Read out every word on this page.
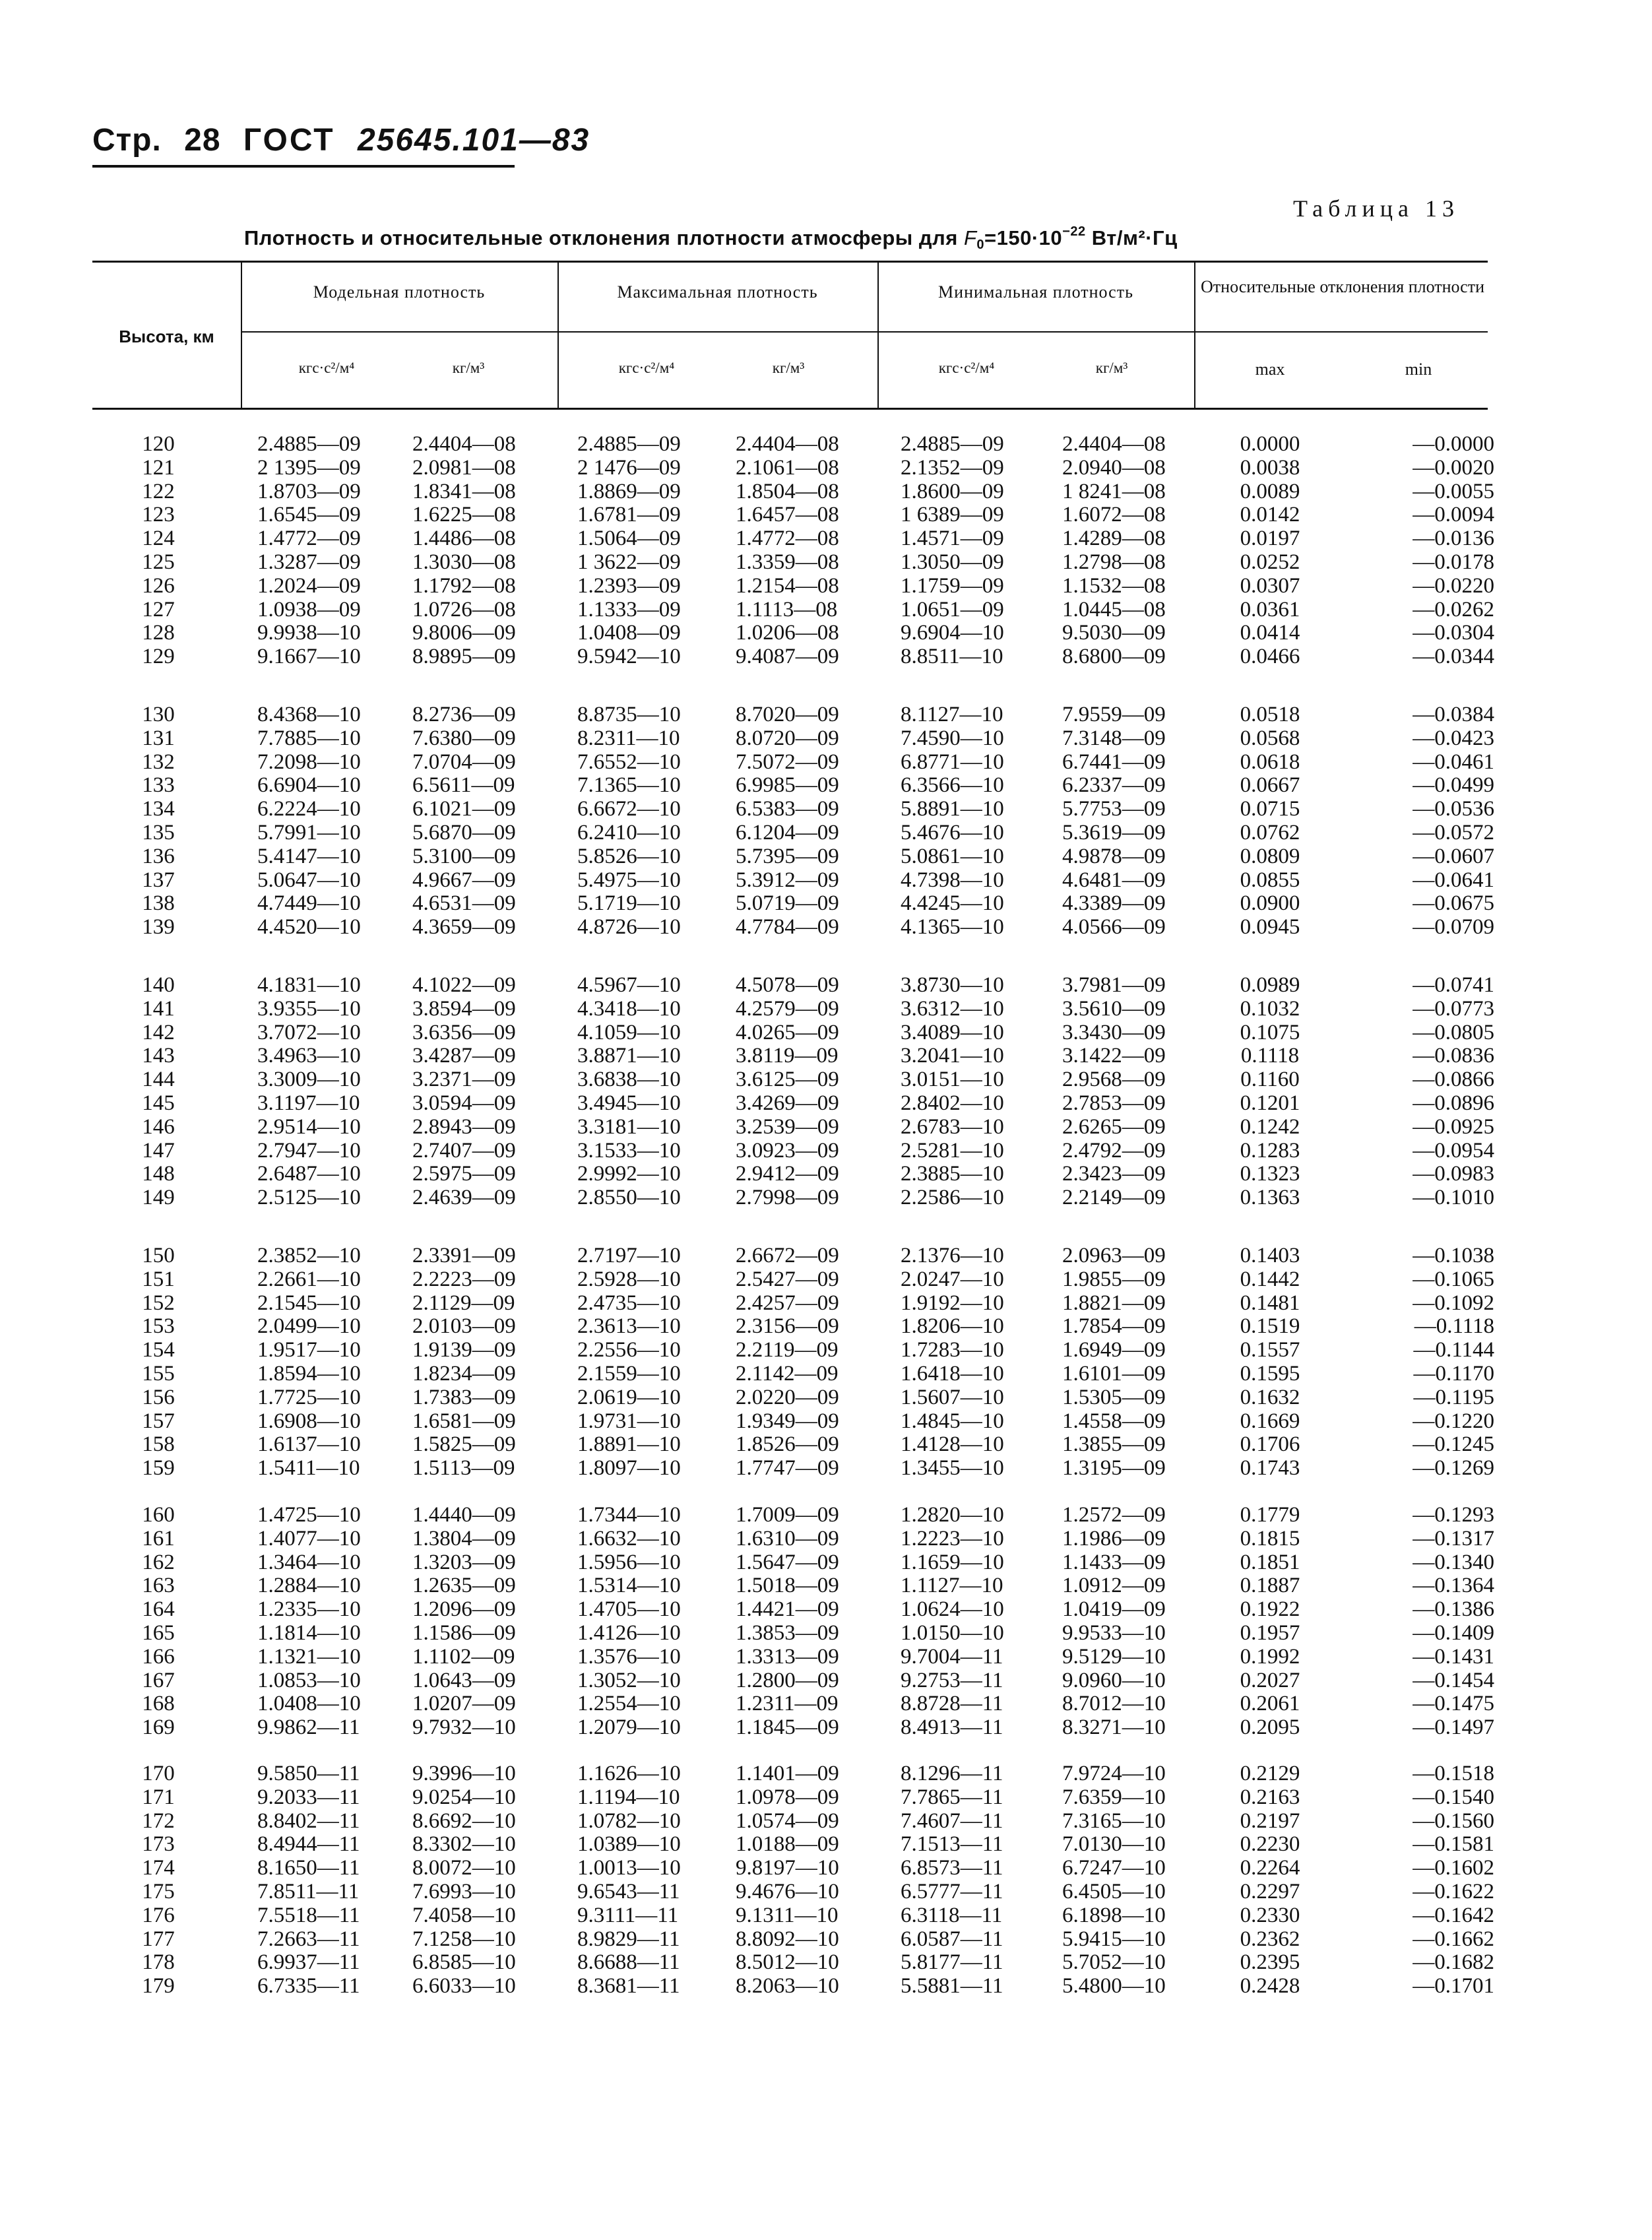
Стр. 28 ГОСТ 25645.101—83
Таблица 13
Плотность и относительные отклонения плотности атмосферы для $F_0=150\cdot 10^{-22}$ Вт/м²·Гц
Высота, км
Модельная плотность	Максимальная плотность	Минимальная плотность	Относительные отклонения плотности
кгс·с²/м⁴	кг/м³	кгс·с²/м⁴	кг/м³	кгс·с²/м⁴	кг/м³	max	min
120	2.4885—09	2.4404—08	2.4885—09	2.4404—08	2.4885—09	2.4404—08	0.0000	—0.0000
121	2 1395—09	2.0981—08	2 1476—09	2.1061—08	2.1352—09	2.0940—08	0.0038	—0.0020
122	1.8703—09	1.8341—08	1.8869—09	1.8504—08	1.8600—09	1 8241—08	0.0089	—0.0055
123	1.6545—09	1.6225—08	1.6781—09	1.6457—08	1 6389—09	1.6072—08	0.0142	—0.0094
124	1.4772—09	1.4486—08	1.5064—09	1.4772—08	1.4571—09	1.4289—08	0.0197	—0.0136
125	1.3287—09	1.3030—08	1 3622—09	1.3359—08	1.3050—09	1.2798—08	0.0252	—0.0178
126	1.2024—09	1.1792—08	1.2393—09	1.2154—08	1.1759—09	1.1532—08	0.0307	—0.0220
127	1.0938—09	1.0726—08	1.1333—09	1.1113—08	1.0651—09	1.0445—08	0.0361	—0.0262
128	9.9938—10	9.8006—09	1.0408—09	1.0206—08	9.6904—10	9.5030—09	0.0414	—0.0304
129	9.1667—10	8.9895—09	9.5942—10	9.4087—09	8.8511—10	8.6800—09	0.0466	—0.0344
130	8.4368—10	8.2736—09	8.8735—10	8.7020—09	8.1127—10	7.9559—09	0.0518	—0.0384
131	7.7885—10	7.6380—09	8.2311—10	8.0720—09	7.4590—10	7.3148—09	0.0568	—0.0423
132	7.2098—10	7.0704—09	7.6552—10	7.5072—09	6.8771—10	6.7441—09	0.0618	—0.0461
133	6.6904—10	6.5611—09	7.1365—10	6.9985—09	6.3566—10	6.2337—09	0.0667	—0.0499
134	6.2224—10	6.1021—09	6.6672—10	6.5383—09	5.8891—10	5.7753—09	0.0715	—0.0536
135	5.7991—10	5.6870—09	6.2410—10	6.1204—09	5.4676—10	5.3619—09	0.0762	—0.0572
136	5.4147—10	5.3100—09	5.8526—10	5.7395—09	5.0861—10	4.9878—09	0.0809	—0.0607
137	5.0647—10	4.9667—09	5.4975—10	5.3912—09	4.7398—10	4.6481—09	0.0855	—0.0641
138	4.7449—10	4.6531—09	5.1719—10	5.0719—09	4.4245—10	4.3389—09	0.0900	—0.0675
139	4.4520—10	4.3659—09	4.8726—10	4.7784—09	4.1365—10	4.0566—09	0.0945	—0.0709
140	4.1831—10	4.1022—09	4.5967—10	4.5078—09	3.8730—10	3.7981—09	0.0989	—0.0741
141	3.9355—10	3.8594—09	4.3418—10	4.2579—09	3.6312—10	3.5610—09	0.1032	—0.0773
142	3.7072—10	3.6356—09	4.1059—10	4.0265—09	3.4089—10	3.3430—09	0.1075	—0.0805
143	3.4963—10	3.4287—09	3.8871—10	3.8119—09	3.2041—10	3.1422—09	0.1118	—0.0836
144	3.3009—10	3.2371—09	3.6838—10	3.6125—09	3.0151—10	2.9568—09	0.1160	—0.0866
145	3.1197—10	3.0594—09	3.4945—10	3.4269—09	2.8402—10	2.7853—09	0.1201	—0.0896
146	2.9514—10	2.8943—09	3.3181—10	3.2539—09	2.6783—10	2.6265—09	0.1242	—0.0925
147	2.7947—10	2.7407—09	3.1533—10	3.0923—09	2.5281—10	2.4792—09	0.1283	—0.0954
148	2.6487—10	2.5975—09	2.9992—10	2.9412—09	2.3885—10	2.3423—09	0.1323	—0.0983
149	2.5125—10	2.4639—09	2.8550—10	2.7998—09	2.2586—10	2.2149—09	0.1363	—0.1010
150	2.3852—10	2.3391—09	2.7197—10	2.6672—09	2.1376—10	2.0963—09	0.1403	—0.1038
151	2.2661—10	2.2223—09	2.5928—10	2.5427—09	2.0247—10	1.9855—09	0.1442	—0.1065
152	2.1545—10	2.1129—09	2.4735—10	2.4257—09	1.9192—10	1.8821—09	0.1481	—0.1092
153	2.0499—10	2.0103—09	2.3613—10	2.3156—09	1.8206—10	1.7854—09	0.1519	—0.1118
154	1.9517—10	1.9139—09	2.2556—10	2.2119—09	1.7283—10	1.6949—09	0.1557	—0.1144
155	1.8594—10	1.8234—09	2.1559—10	2.1142—09	1.6418—10	1.6101—09	0.1595	—0.1170
156	1.7725—10	1.7383—09	2.0619—10	2.0220—09	1.5607—10	1.5305—09	0.1632	—0.1195
157	1.6908—10	1.6581—09	1.9731—10	1.9349—09	1.4845—10	1.4558—09	0.1669	—0.1220
158	1.6137—10	1.5825—09	1.8891—10	1.8526—09	1.4128—10	1.3855—09	0.1706	—0.1245
159	1.5411—10	1.5113—09	1.8097—10	1.7747—09	1.3455—10	1.3195—09	0.1743	—0.1269
160	1.4725—10	1.4440—09	1.7344—10	1.7009—09	1.2820—10	1.2572—09	0.1779	—0.1293
161	1.4077—10	1.3804—09	1.6632—10	1.6310—09	1.2223—10	1.1986—09	0.1815	—0.1317
162	1.3464—10	1.3203—09	1.5956—10	1.5647—09	1.1659—10	1.1433—09	0.1851	—0.1340
163	1.2884—10	1.2635—09	1.5314—10	1.5018—09	1.1127—10	1.0912—09	0.1887	—0.1364
164	1.2335—10	1.2096—09	1.4705—10	1.4421—09	1.0624—10	1.0419—09	0.1922	—0.1386
165	1.1814—10	1.1586—09	1.4126—10	1.3853—09	1.0150—10	9.9533—10	0.1957	—0.1409
166	1.1321—10	1.1102—09	1.3576—10	1.3313—09	9.7004—11	9.5129—10	0.1992	—0.1431
167	1.0853—10	1.0643—09	1.3052—10	1.2800—09	9.2753—11	9.0960—10	0.2027	—0.1454
168	1.0408—10	1.0207—09	1.2554—10	1.2311—09	8.8728—11	8.7012—10	0.2061	—0.1475
169	9.9862—11	9.7932—10	1.2079—10	1.1845—09	8.4913—11	8.3271—10	0.2095	—0.1497
170	9.5850—11	9.3996—10	1.1626—10	1.1401—09	8.1296—11	7.9724—10	0.2129	—0.1518
171	9.2033—11	9.0254—10	1.1194—10	1.0978—09	7.7865—11	7.6359—10	0.2163	—0.1540
172	8.8402—11	8.6692—10	1.0782—10	1.0574—09	7.4607—11	7.3165—10	0.2197	—0.1560
173	8.4944—11	8.3302—10	1.0389—10	1.0188—09	7.1513—11	7.0130—10	0.2230	—0.1581
174	8.1650—11	8.0072—10	1.0013—10	9.8197—10	6.8573—11	6.7247—10	0.2264	—0.1602
175	7.8511—11	7.6993—10	9.6543—11	9.4676—10	6.5777—11	6.4505—10	0.2297	—0.1622
176	7.5518—11	7.4058—10	9.3111—11	9.1311—10	6.3118—11	6.1898—10	0.2330	—0.1642
177	7.2663—11	7.1258—10	8.9829—11	8.8092—10	6.0587—11	5.9415—10	0.2362	—0.1662
178	6.9937—11	6.8585—10	8.6688—11	8.5012—10	5.8177—11	5.7052—10	0.2395	—0.1682
179	6.7335—11	6.6033—10	8.3681—11	8.2063—10	5.5881—11	5.4800—10	0.2428	—0.1701
